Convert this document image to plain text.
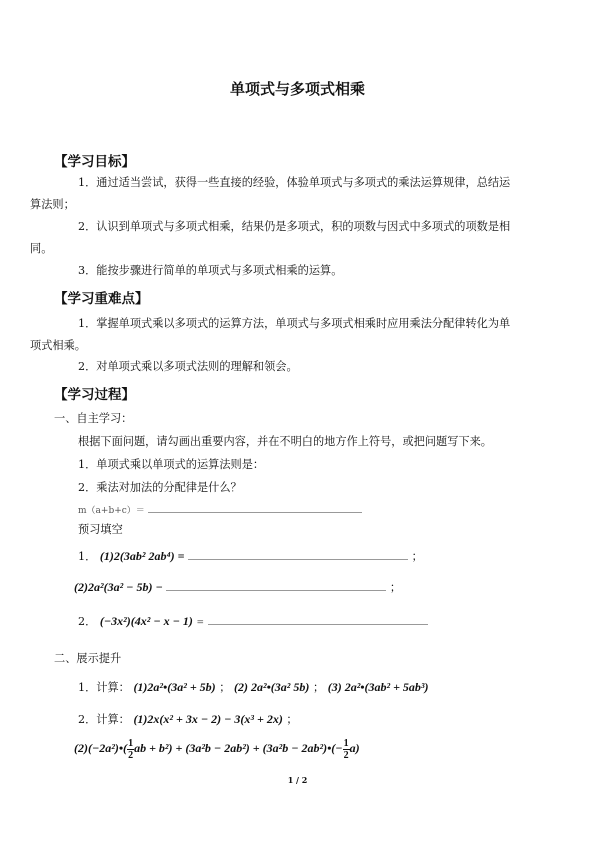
单项式与多项式相乘
【学习目标】
1．通过适当尝试，获得一些直接的经验，体验单项式与多项式的乘法运算规律，总结运
算法则；
2．认识到单项式与多项式相乘，结果仍是多项式，积的项数与因式中多项式的项数是相
同。
3．能按步骤进行简单的单项式与多项式相乘的运算。
【学习重难点】
1．掌握单项式乘以多项式的运算方法，单项式与多项式相乘时应用乘法分配律转化为单
项式相乘。
2．对单项式乘以多项式法则的理解和领会。
【学习过程】
一、自主学习：
根据下面问题，请勾画出重要内容，并在不明白的地方作上符号，或把问题写下来。
1．单项式乘以单项式的运算法则是：
2．乘法对加法的分配律是什么？
m（a+b+c）＝
预习填空
1． (1)2(3ab² 2ab⁴) =	；
(2)2a²(3a² − 5b) −	；
2． (−3x²)(4x² − x − 1) =
二、展示提升
1．计算： (1)2a²•(3a² + 5b) ； (2) 2a²•(3a² 5b) ； (3) 2a²•(3ab² + 5ab³)
2．计算： (1)2x(x² + 3x − 2) − 3(x³ + 2x) ；
(2)(−2a²)•( $\frac{1}{2}$ ab + b²) + (3a²b − 2ab²) + (3a²b − 2ab²)•(− $\frac{1}{2} a$)
1 / 2
